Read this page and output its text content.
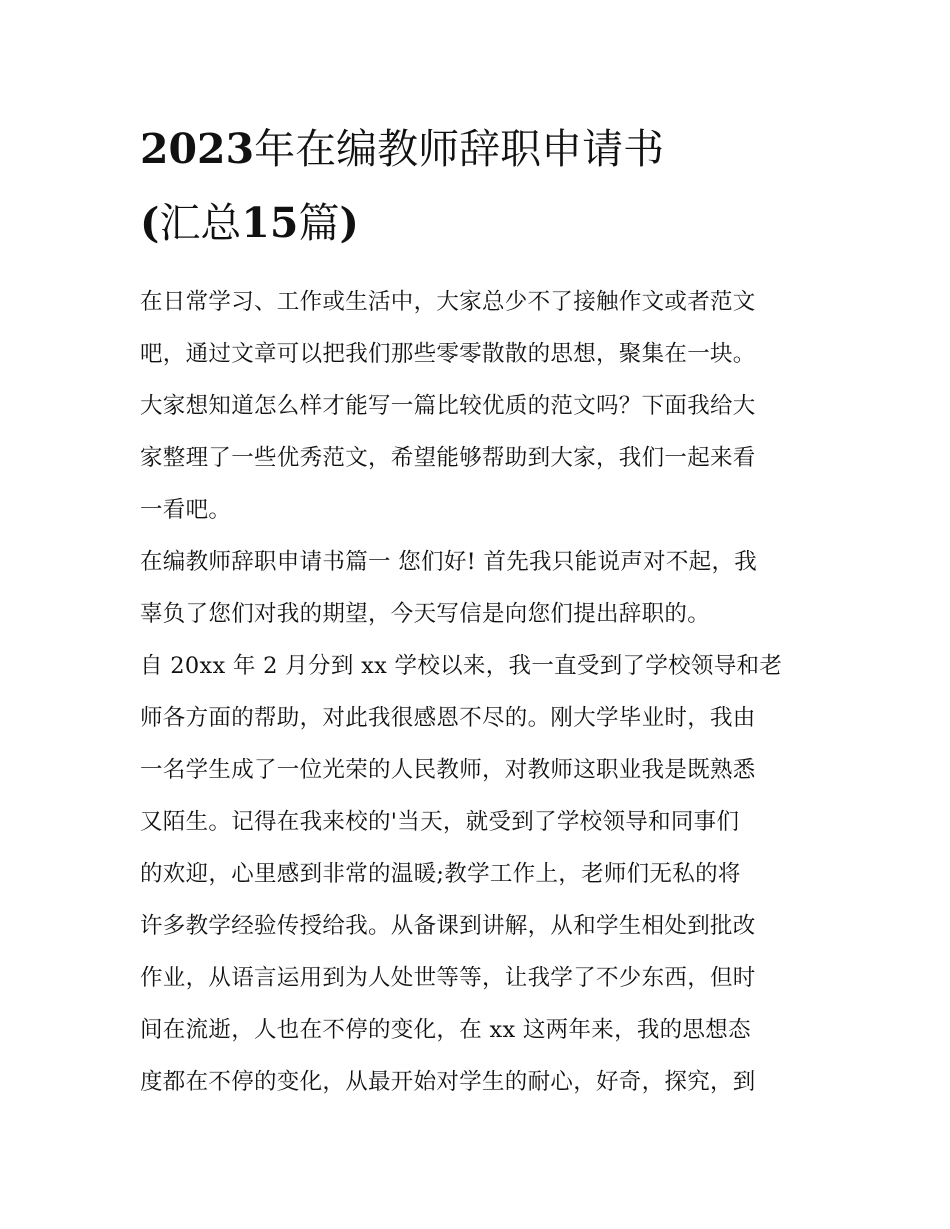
2023年在编教师辞职申请书
(汇总15篇)

在日常学习、工作或生活中，大家总少不了接触作文或者范文
吧，通过文章可以把我们那些零零散散的思想，聚集在一块。
大家想知道怎么样才能写一篇比较优质的范文吗？下面我给大
家整理了一些优秀范文，希望能够帮助到大家，我们一起来看
一看吧。

在编教师辞职申请书篇一 您们好! 首先我只能说声对不起，我
辜负了您们对我的期望，今天写信是向您们提出辞职的。

自 20xx 年 2 月分到 xx 学校以来，我一直受到了学校领导和老
师各方面的帮助，对此我很感恩不尽的。刚大学毕业时，我由
一名学生成了一位光荣的人民教师，对教师这职业我是既熟悉
又陌生。记得在我来校的'当天，就受到了学校领导和同事们
的欢迎，心里感到非常的温暖;教学工作上，老师们无私的将
许多教学经验传授给我。从备课到讲解，从和学生相处到批改
作业，从语言运用到为人处世等等，让我学了不少东西，但时
间在流逝，人也在不停的变化，在 xx 这两年来，我的思想态
度都在不停的变化，从最开始对学生的耐心，好奇，探究，到
